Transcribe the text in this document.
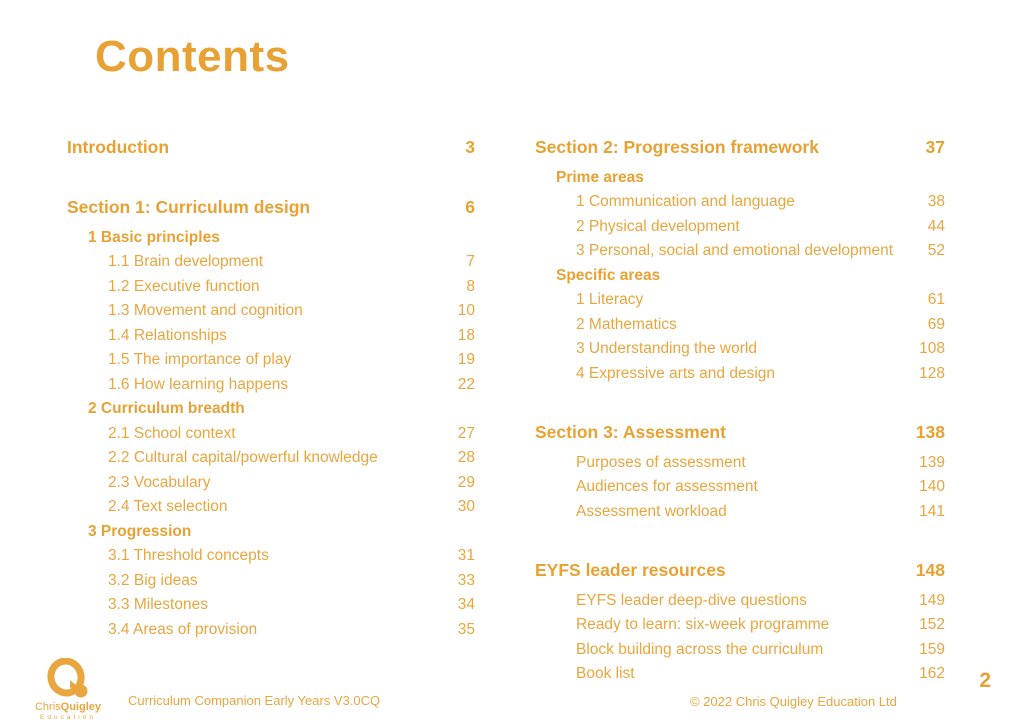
Contents
Introduction	3
Section 1: Curriculum design	6
1 Basic principles
1.1 Brain development	7
1.2 Executive function	8
1.3 Movement and cognition	10
1.4 Relationships	18
1.5 The importance of play	19
1.6 How learning happens	22
2 Curriculum breadth
2.1 School context	27
2.2 Cultural capital/powerful knowledge	28
2.3 Vocabulary	29
2.4 Text selection	30
3 Progression
3.1 Threshold concepts	31
3.2 Big ideas	33
3.3 Milestones	34
3.4 Areas of provision	35
Section 2: Progression framework	37
Prime areas
1 Communication and language	38
2 Physical development	44
3 Personal, social and emotional development	52
Specific areas
1 Literacy	61
2 Mathematics	69
3 Understanding the world	108
4 Expressive arts and design	128
Section 3: Assessment	138
Purposes of assessment	139
Audiences for assessment	140
Assessment workload	141
EYFS leader resources	148
EYFS leader deep-dive questions	149
Ready to learn: six-week programme	152
Block building across the curriculum	159
Book list	162
ChrisQuigley
Education
Curriculum Companion Early Years V3.0CQ	© 2022 Chris Quigley Education Ltd
2
